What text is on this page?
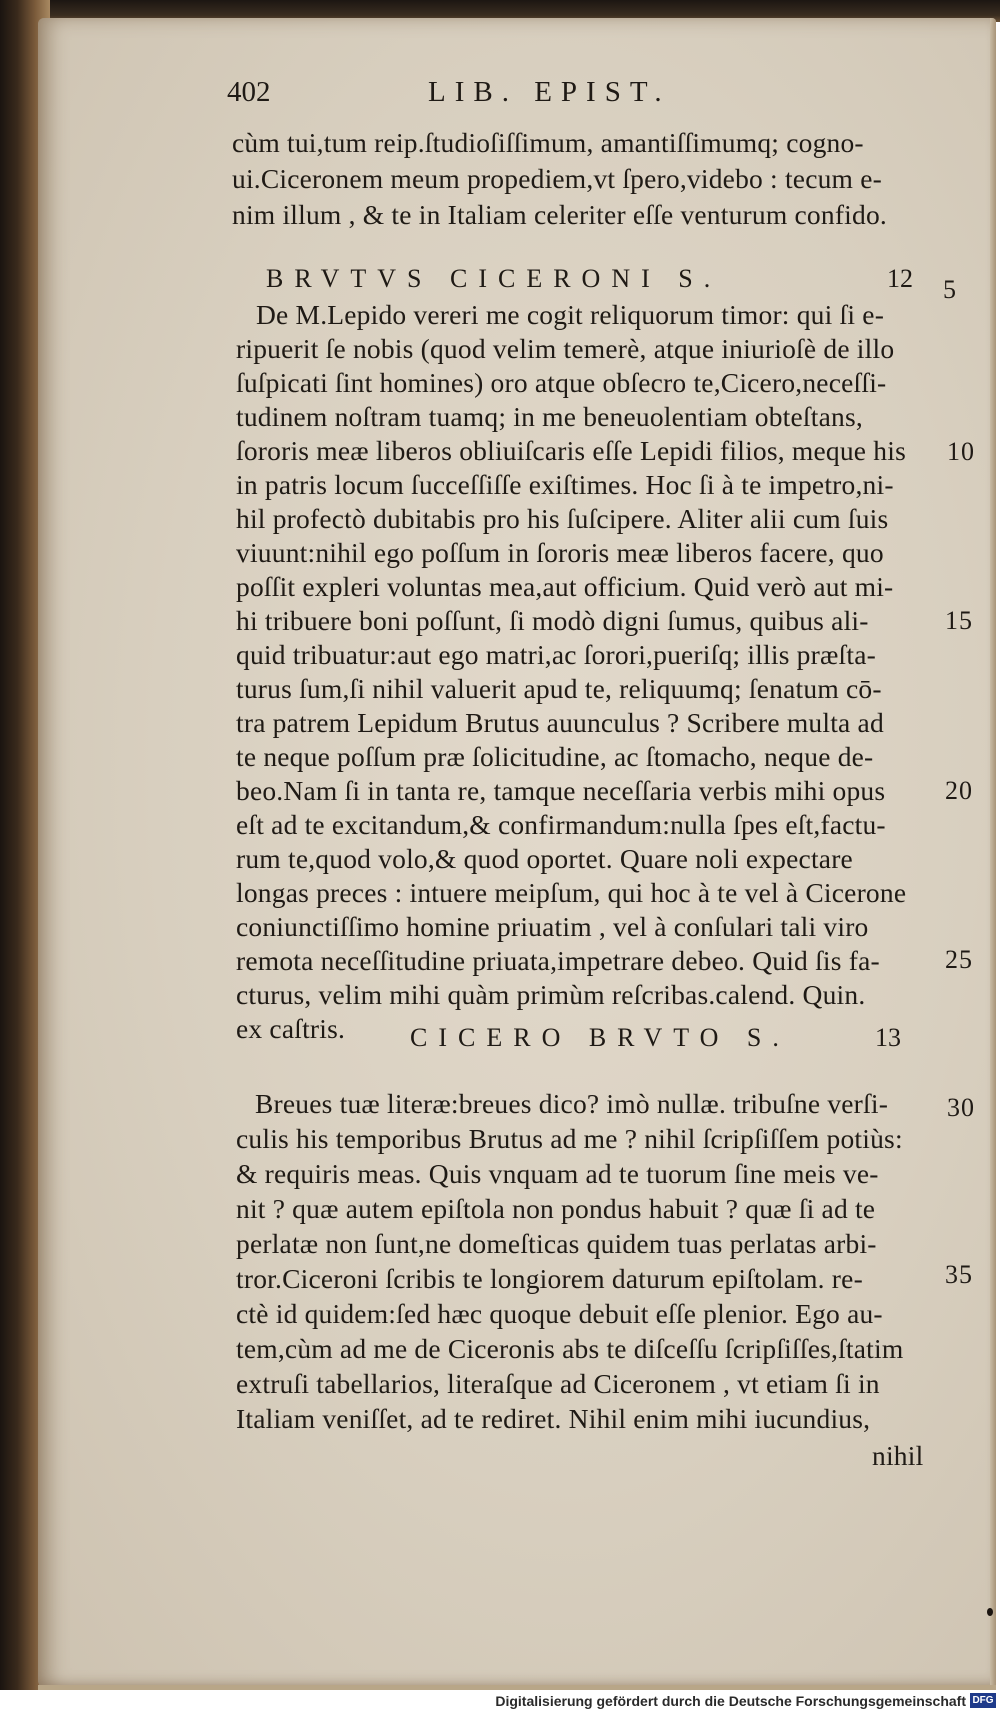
402	LIB. EPIST.
cùm tui,tum reip.ſtudioſiſſimum, amantiſſimumq; cogno-
ui.Ciceronem meum propediem,vt ſpero,videbo : tecum e-
nim illum , & te in Italiam celeriter eſſe venturum confido.
BRVTVS CICERONI S.	12
De M.Lepido vereri me cogit reliquorum timor: qui ſi e-
ripuerit ſe nobis (quod velim temerè, atque iniurioſè de illo
ſuſpicati ſint homines) oro atque obſecro te,Cicero,neceſſi-
tudinem noſtram tuamq; in me beneuolentiam obteſtans,
ſororis meæ liberos obliuiſcaris eſſe Lepidi filios, meque his
in patris locum ſucceſſiſſe exiſtimes. Hoc ſi à te impetro,ni-
hil profectò dubitabis pro his ſuſcipere. Aliter alii cum ſuis
viuunt:nihil ego poſſum in ſororis meæ liberos facere, quo
poſſit expleri voluntas mea,aut officium. Quid verò aut mi-
hi tribuere boni poſſunt, ſi modò digni ſumus, quibus ali-
quid tribuatur:aut ego matri,ac ſorori,pueriſq; illis præſta-
turus ſum,ſi nihil valuerit apud te, reliquumq; ſenatum cō-
tra patrem Lepidum Brutus auunculus ? Scribere multa ad
te neque poſſum præ ſolicitudine, ac ſtomacho, neque de-
beo.Nam ſi in tanta re, tamque neceſſaria verbis mihi opus
eſt ad te excitandum,& confirmandum:nulla ſpes eſt,factu-
rum te,quod volo,& quod oportet. Quare noli expectare
longas preces : intuere meipſum, qui hoc à te vel à Cicerone
coniunctiſſimo homine priuatim , vel à conſulari tali viro
remota neceſſitudine priuata,impetrare debeo. Quid ſis fa-
cturus, velim mihi quàm primùm reſcribas.calend. Quin.
ex caſtris. CICERO BRVTO S.	13
Breues tuæ literæ:breues dico? imò nullæ. tribuſne verſi-
culis his temporibus Brutus ad me ? nihil ſcripſiſſem potiùs:
& requiris meas. Quis vnquam ad te tuorum ſine meis ve-
nit ? quæ autem epiſtola non pondus habuit ? quæ ſi ad te
perlatæ non ſunt,ne domeſticas quidem tuas perlatas arbi-
tror.Ciceroni ſcribis te longiorem daturum epiſtolam. re-
ctè id quidem:ſed hæc quoque debuit eſſe plenior. Ego au-
tem,cùm ad me de Ciceronis abs te diſceſſu ſcripſiſſes,ſtatim
extruſi tabellarios, literaſque ad Ciceronem , vt etiam ſi in
Italiam veniſſet, ad te rediret. Nihil enim mihi iucundius,
nihil
5
10
15
20
25
30
35
Digitalisierung gefördert durch die Deutsche Forschungsgemeinschaft DFG
